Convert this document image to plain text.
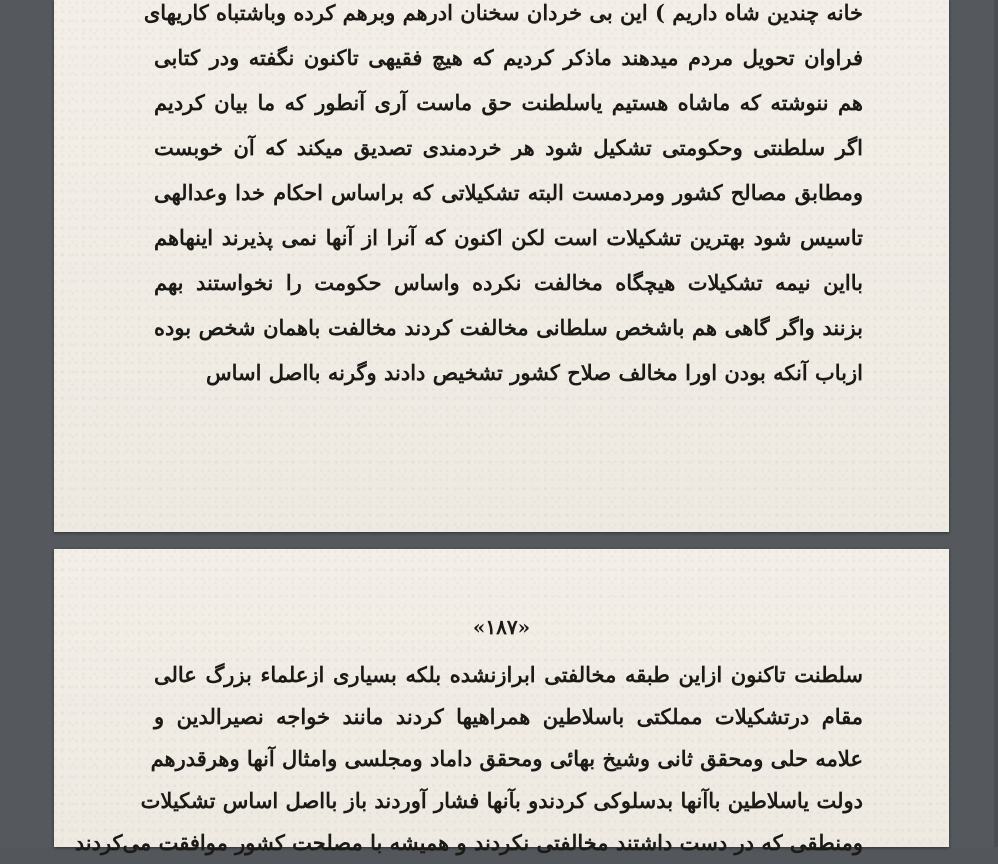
خانه چندین شاه داریم ) این بی خردان سخنان ادرهم وبرهم کرده وباشتباه کاریهای
فراوان تحویل مردم میدهند ماذکر کردیم که هیچ فقیهی تاکنون نگفته ودر کتابی
هم ننوشته که ماشاه هستیم یاسلطنت حق ماست آری آنطور که ما بیان کردیم
اگر سلطنتی وحکومتی تشکیل شود هر خردمندی تصدیق میکند که آن خوبست
ومطابق مصالح کشور ومردمست البته تشکیلاتی که براساس احکام خدا وعدالهی
تاسیس شود بهترین تشکیلات است لکن اکنون که آنرا از آنها نمی پذیرند اینهاهم
بااین نیمه تشکیلات هیچگاه مخالفت نکرده واساس حکومت را نخواستند بهم
بزنند واگر گاهی هم باشخص سلطانی مخالفت کردند مخالفت باهمان شخص بوده
ازباب آنکه بودن اورا مخالف صلاح کشور تشخیص دادند وگرنه بااصل اساس
«۱۸۷»
سلطنت تاکنون ازاین طبقه مخالفتی ابرازنشده بلکه بسیاری ازعلماء بزرگ عالی
مقام درتشکیلات مملکتی باسلاطین همراهیها کردند مانند خواجه نصیرالدین و
علامه حلی ومحقق ثانی وشیخ بهائی ومحقق داماد ومجلسی وامثال آنها وهرقدرهم
دولت یاسلاطین باآنها بدسلوکی کردندو بآنها فشار آوردند باز بااصل اساس تشکیلات
ومنطقی که در دست داشتند مخالفتی نکردند و همیشه با مصلحت کشور موافقت می‌کردند
